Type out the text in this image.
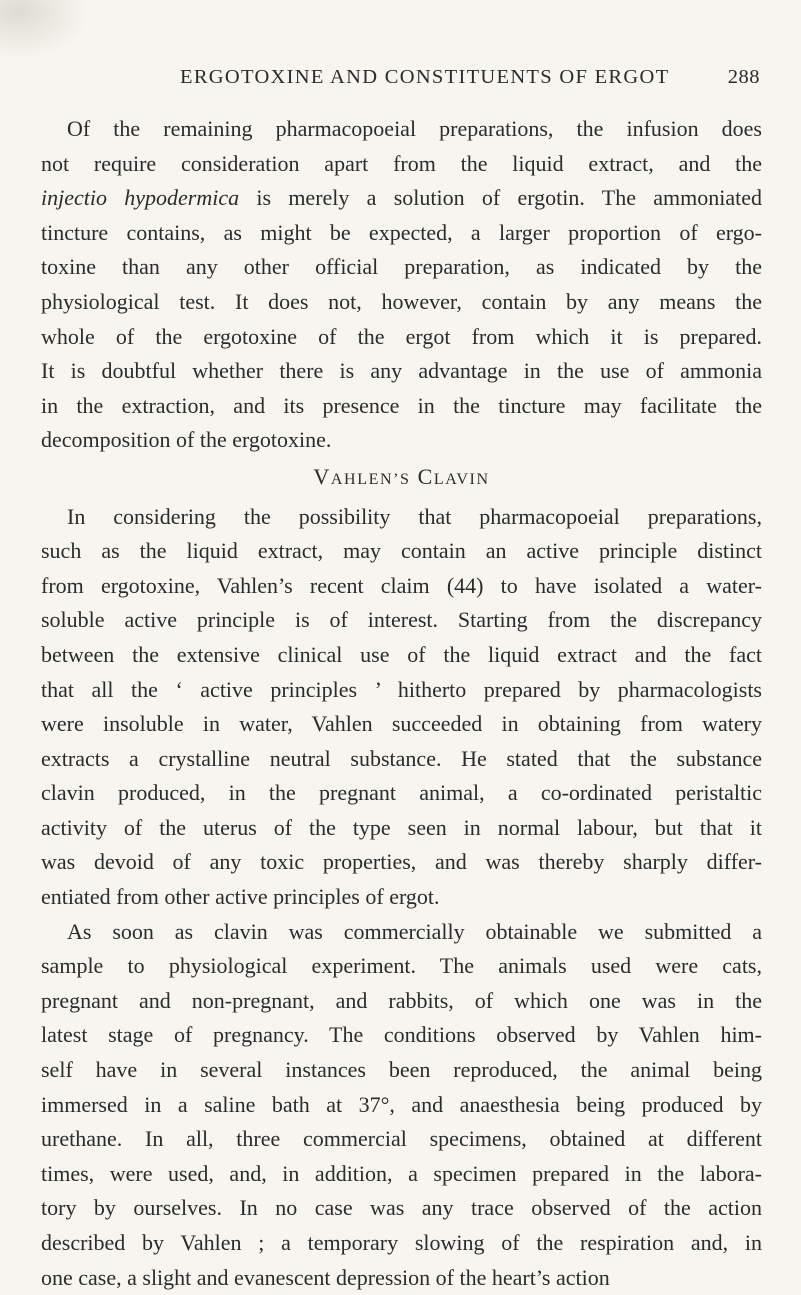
ERGOTOXINE AND CONSTITUENTS OF ERGOT	288

Of the remaining pharmacopoeial preparations, the infusion does
not require consideration apart from the liquid extract, and the
injectio hypodermica is merely a solution of ergotin. The ammoniated
tincture contains, as might be expected, a larger proportion of ergo-
toxine than any other official preparation, as indicated by the
physiological test. It does not, however, contain by any means the
whole of the ergotoxine of the ergot from which it is prepared.
It is doubtful whether there is any advantage in the use of ammonia
in the extraction, and its presence in the tincture may facilitate the
decomposition of the ergotoxine.

VAHLEN’S CLAVIN

In considering the possibility that pharmacopoeial preparations,
such as the liquid extract, may contain an active principle distinct
from ergotoxine, Vahlen’s recent claim (44) to have isolated a water-
soluble active principle is of interest. Starting from the discrepancy
between the extensive clinical use of the liquid extract and the fact
that all the ‘ active principles ’ hitherto prepared by pharmacologists
were insoluble in water, Vahlen succeeded in obtaining from watery
extracts a crystalline neutral substance. He stated that the substance
clavin produced, in the pregnant animal, a co-ordinated peristaltic
activity of the uterus of the type seen in normal labour, but that it
was devoid of any toxic properties, and was thereby sharply differ-
entiated from other active principles of ergot.

As soon as clavin was commercially obtainable we submitted a
sample to physiological experiment. The animals used were cats,
pregnant and non-pregnant, and rabbits, of which one was in the
latest stage of pregnancy. The conditions observed by Vahlen him-
self have in several instances been reproduced, the animal being
immersed in a saline bath at 37°, and anaesthesia being produced by
urethane. In all, three commercial specimens, obtained at different
times, were used, and, in addition, a specimen prepared in the labora-
tory by ourselves. In no case was any trace observed of the action
described by Vahlen ; a temporary slowing of the respiration and, in
one case, a slight and evanescent depression of the heart’s action
